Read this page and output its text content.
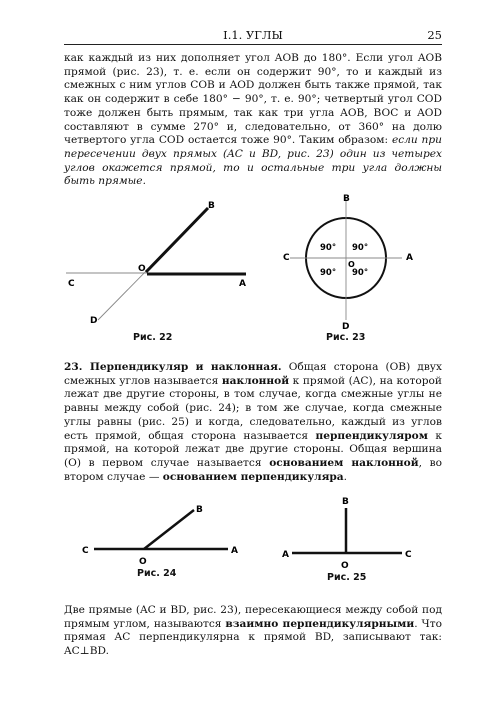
I.1. УГЛЫ	25

как каждый из них дополняет угол AOB до 180°. Если угол AOB прямой (рис. 23), т. е. если он содержит 90°, то и каждый из смежных с ним углов COB и AOD должен быть также прямой, так как он содержит в себе 180° − 90°, т. е. 90°; четвертый угол COD тоже должен быть прямым, так как три угла AOB, BOC и AOD составляют в сумме 270° и, следовательно, от 360° на долю четвертого угла COD остается тоже 90°. Таким образом: если при пересечении двух прямых (AC и BD, рис. 23) один из четырех углов окажется прямой, то и остальные три угла должны быть прямые.

B
O
C	A
D
Рис. 22
B
C	A
D
O
90° 90°
90° 90°
Рис. 23

23. Перпендикуляр и наклонная. Общая сторона (OB) двух смежных углов называется наклонной к прямой (AC), на которой лежат две другие стороны, в том случае, когда смежные углы не равны между собой (рис. 24); в том же случае, когда смежные углы равны (рис. 25) и когда, следовательно, каждый из углов есть прямой, общая сторона называется перпендикуляром к прямой, на которой лежат две другие стороны. Общая вершина (O) в первом случае называется основанием наклонной, во втором случае — основанием перпендикуляра.

B
C	A
O
Рис. 24
B
A	C
O
Рис. 25

Две прямые (AC и BD, рис. 23), пересекающиеся между собой под прямым углом, называются взаимно перпендикулярными. Что прямая AC перпендикулярна к прямой BD, записывают так: AC⊥BD.
